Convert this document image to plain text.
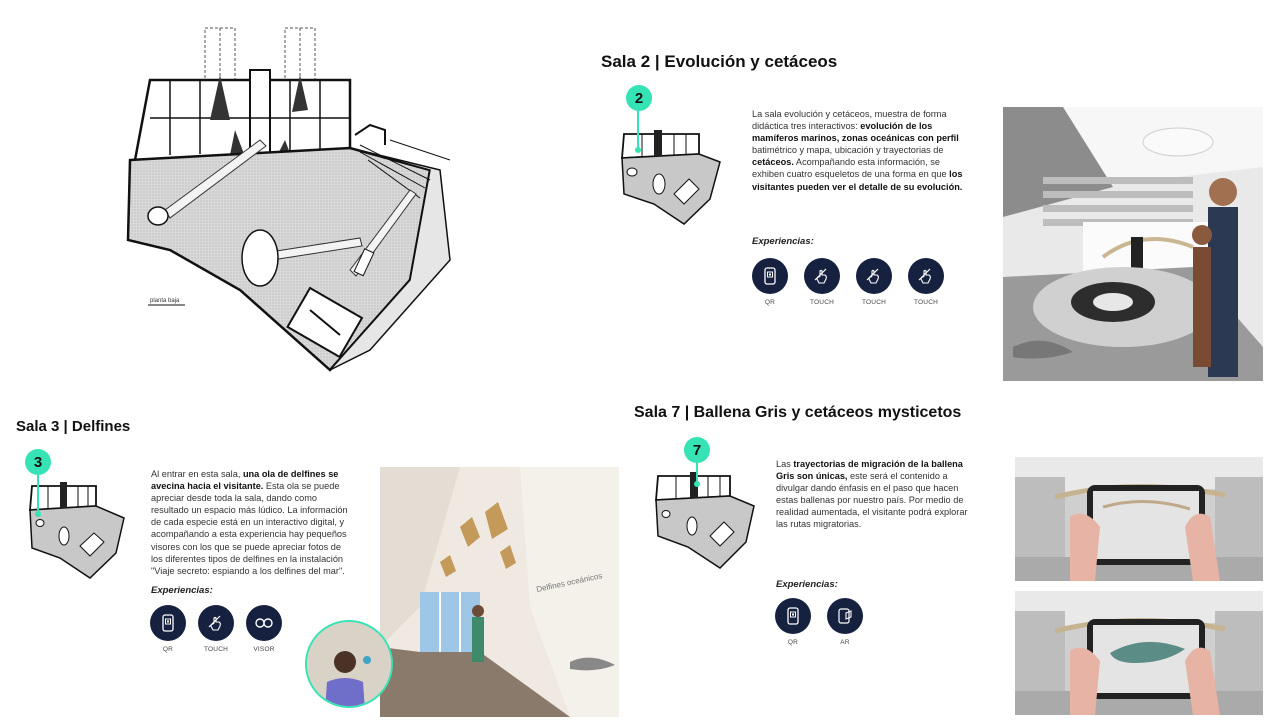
planta baja
Sala 2 | Evolución y cetáceos
2
La sala evolución y cetáceos, muestra de forma didáctica tres interactivos: evolución de los mamíferos marinos, zonas oceánicas con perfil batimétrico y mapa, ubicación y trayectorias de cetáceos. Acompañando esta información, se exhiben cuatro esqueletos de una forma en que los visitantes pueden ver el detalle de su evolución.
Experiencias:
QR	TOUCH	TOUCH	TOUCH
Sala 3 | Delfines
3
Al entrar en esta sala, una ola de delfines se avecina hacia el visitante. Esta ola se puede apreciar desde toda la sala, dando como resultado un espacio más lúdico. La información de cada especie está en un interactivo digital, y acompañando a esta experiencia hay pequeños visores con los que se puede apreciar fotos de los diferentes tipos de delfines en la instalación "Viaje secreto: espiando a los delfines del mar".
Experiencias:
QR	TOUCH	VISOR
Delfines oceánicos
Sala 7 | Ballena Gris y cetáceos mysticetos
7
Las trayectorias de migración de la ballena Gris son únicas, este será el contenido a divulgar dando énfasis en el paso que hacen estas ballenas por nuestro país. Por medio de realidad aumentada, el visitante podrá explorar las rutas migratorias.
Experiencias:
QR	AR
